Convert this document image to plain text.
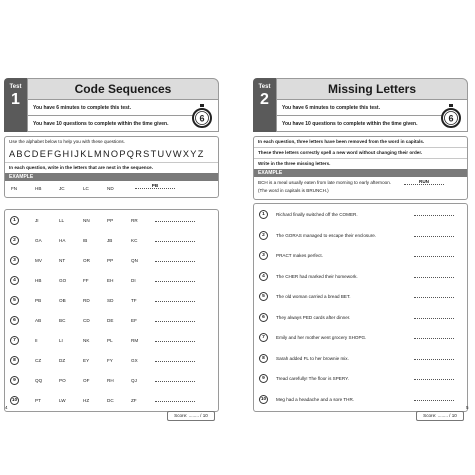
Test
1
Code Sequences
You have 6 minutes to complete this test.
You have 10 questions to complete within the time given.
6
Use the alphabet below to help you with these questions.
ABCDEFGHIJKLMNOPQRSTUVWXYZ
In each question, write in the letters that are next in the sequence.
EXAMPLE
FN	HB	JC	LC	ND
PB
1	JI	LL	NN	PP	RR
2	GA	HA	IB	JB	KC
3	MV	NT	OR	PP	QN
4	HB	GO	FF	EH	DI
5	PB	OB	RD	SD	TF
6	AB	BC	CD	DE	EF
7	II	LI	NK	PL	RM
8	CZ	DZ	EY	FY	GX
9	QQ	PO	OF	RH	QJ
10	PT	LW	HZ	DC	ZF
Score: ........ / 10
Test
2
Missing Letters
You have 6 minutes to complete this test.
You have 10 questions to complete within the time given.
6
In each question, three letters have been removed from the word in capitals.
These three letters correctly spell a new word without changing their order.
Write in the three missing letters.
EXAMPLE
BCH is a meal usually eaten from late morning to early afternoon.	RUN
(The word in capitals is BRUNCH.)
1	Richard finally switched off the COMER.
2	The GORAS managed to escape their enclosure.
3	PRACT makes perfect.
4	The CHER had marked their homework.
5	The old woman carried a bread BET.
6	They always PED cards after dinner.
7	Emily and her mother went grocery SHOPG.
8	Sarah added FL to her brownie mix.
9	Tread carefully! The floor is SPERY.
10	Meg had a headache and a sore THR.
Score: ........ / 10
4	5
